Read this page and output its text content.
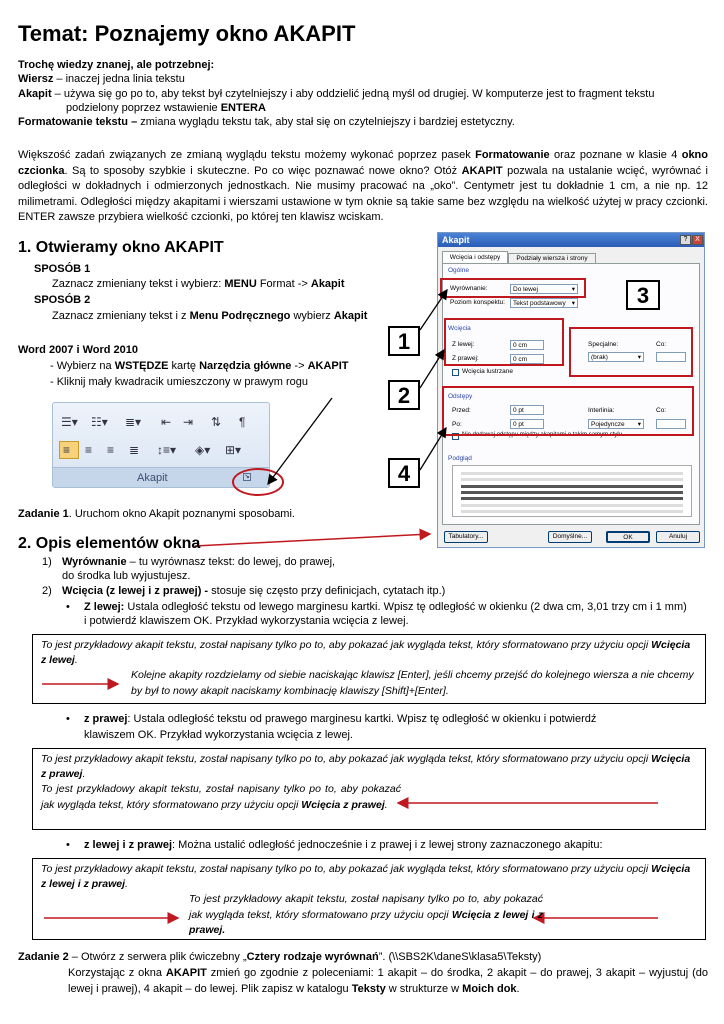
Temat: Poznajemy okno AKAPIT
Trochę wiedzy znanej, ale potrzebnej:
Wiersz – inaczej jedna linia tekstu
Akapit – używa się go po to, aby tekst był czytelniejszy i aby oddzielić jedną myśl od drugiej. W komputerze jest to fragment tekstu
podzielony poprzez wstawienie ENTERA
Formatowanie tekstu – zmiana wyglądu tekstu tak, aby stał się on czytelniejszy i bardziej estetyczny.
Większość zadań związanych ze zmianą wyglądu tekstu możemy wykonać poprzez pasek Formatowanie oraz poznane w klasie 4 okno czcionka. Są to sposoby szybkie i skuteczne. Po co więc poznawać nowe okno? Otóż AKAPIT pozwala na ustalanie wcięć, wyrównać i odległości w dokładnych i odmierzonych jednostkach. Nie musimy pracować na „oko”. Centymetr jest tu dokładnie 1 cm, a nie np. 12 milimetrami. Odległości między akapitami i wierszami ustawione w tym oknie są takie same bez względu na wielkość użytej w pracy czcionki. ENTER zawsze przybiera wielkość czcionki, po której ten klawisz wciskam.
1. Otwieramy okno AKAPIT
SPOSÓB 1
Zaznacz zmieniany tekst i wybierz: MENU Format -> Akapit
SPOSÓB 2
Zaznacz zmieniany tekst i z Menu Podręcznego wybierz Akapit
Word 2007 i Word 2010
- Wybierz na WSTĘDZE kartę Narzędzia główne -> AKAPIT
- Kliknij mały kwadracik umieszczony w prawym rogu
☰▾ ☷▾ ≣▾ ⇤ ⇥ ⇅ ¶
≡ ≡ ≡ ≣ ↕≡▾ ◈▾ ⊞▾
Akapit	↘
Zadanie 1. Uruchom okno Akapit poznanymi sposobami.
Akapit	?	X
Wcięcia i odstępy	Podziały wiersza i strony
Ogólne
Wyrównanie:	Do lewej	▾
Poziom konspektu:	Tekst podstawowy ▾
Wcięcia
Z lewej:	0 cm
Z prawej:	0 cm
Specjalne:
(brak)	▾
Co:
Wcięcia lustrzane
Odstępy
Przed:	0 pt
Po:	0 pt
Interlinia:
Pojedyncze ▾
Co:
Nie dodawaj odstępu między akapitami o takim samym stylu
Podgląd
Tabulatory...	Domyślne...	OK	Anuluj
1
2
3
4
2. Opis elementów okna
1) Wyrównanie – tu wyrównasz tekst: do lewej, do prawej,
do środka lub wyjustujesz.
2) Wcięcia (z lewej i z prawej) - stosuje się często przy definicjach, cytatach itp.)
• Z lewej: Ustala odległość tekstu od lewego marginesu kartki. Wpisz tę odległość w okienku (2 dwa cm, 3,01 trzy cm i 1 mm)
i potwierdź klawiszem OK. Przykład wykorzystania wcięcia z lewej.
To jest przykładowy akapit tekstu, został napisany tylko po to, aby pokazać jak wygląda tekst, który sformatowano przy użyciu opcji Wcięcia z lewej.
Kolejne akapity rozdzielamy od siebie naciskając klawisz [Enter], jeśli chcemy przejść do kolejnego wiersza a nie chcemy by był to nowy akapit naciskamy kombinację klawiszy [Shift]+[Enter].
• z prawej: Ustala odległość tekstu od prawego marginesu kartki. Wpisz tę odległość w okienku i potwierdź
klawiszem OK. Przykład wykorzystania wcięcia z lewej.
To jest przykładowy akapit tekstu, został napisany tylko po to, aby pokazać jak wygląda tekst, który sformatowano przy użyciu opcji Wcięcia z prawej.
To jest przykładowy akapit tekstu, został napisany tylko po to, aby pokazać jak wygląda tekst, który sformatowano przy użyciu opcji Wcięcia z prawej.
• z lewej i z prawej: Można ustalić odległość jednocześnie i z prawej i z lewej strony zaznaczonego akapitu:
To jest przykładowy akapit tekstu, został napisany tylko po to, aby pokazać jak wygląda tekst, który sformatowano przy użyciu opcji Wcięcia z lewej i z prawej.
To jest przykładowy akapit tekstu, został napisany tylko po to, aby pokazać jak wygląda tekst, który sformatowano przy użyciu opcji Wcięcia z lewej i z prawej.
Zadanie 2 – Otwórz z serwera plik ćwiczebny „Cztery rodzaje wyrównań”. (\\SBS2K\daneS\klasa5\Teksty)
Korzystając z okna AKAPIT zmień go zgodnie z poleceniami: 1 akapit – do środka, 2 akapit – do prawej, 3 akapit – wyjustuj (do lewej i prawej), 4 akapit – do lewej. Plik zapisz w katalogu Teksty w strukturze w Moich dok.
